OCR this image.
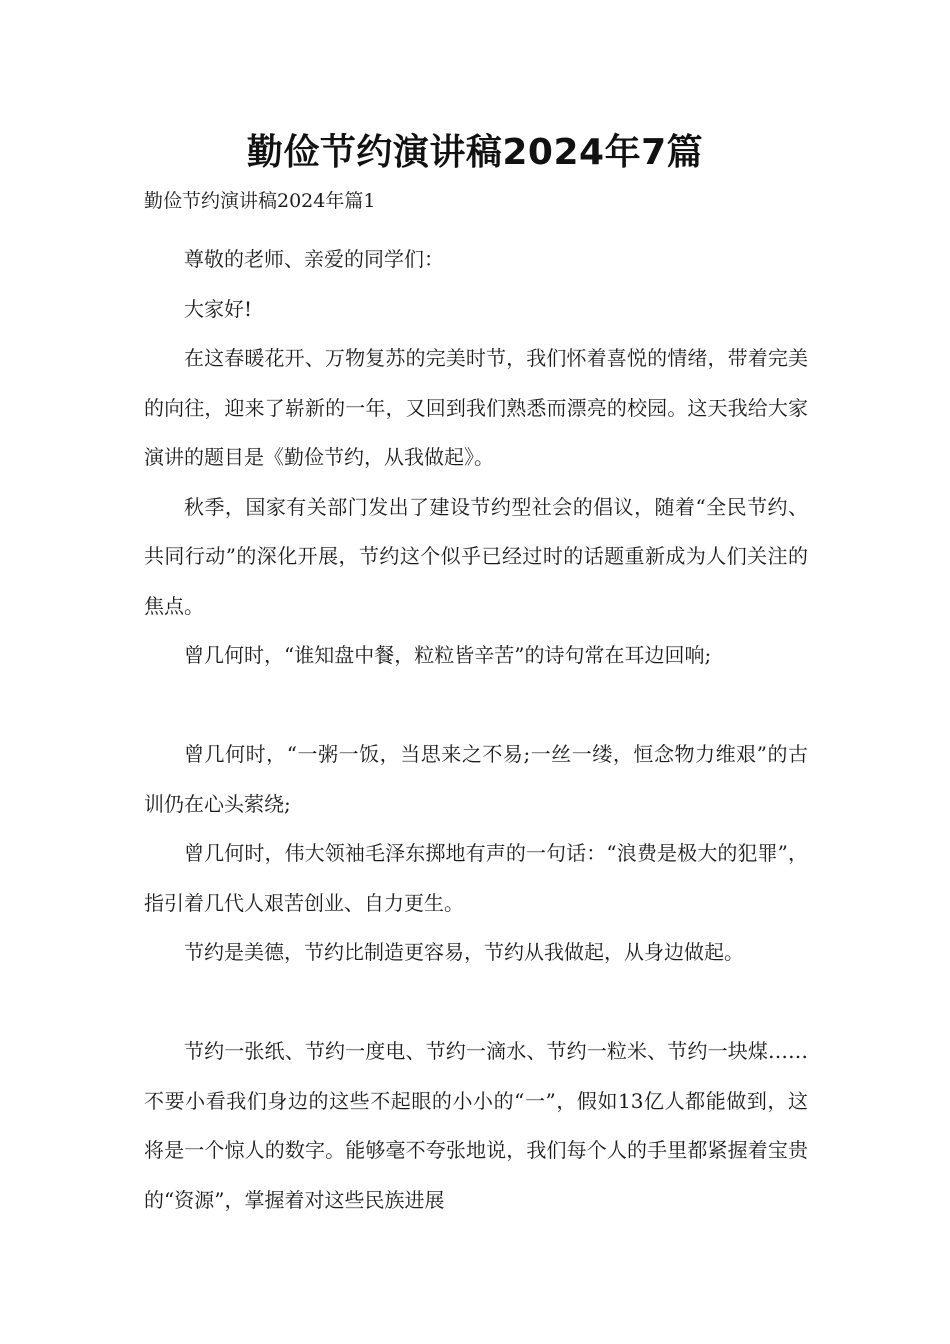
勤俭节约演讲稿2024年7篇

勤俭节约演讲稿2024年篇1

尊敬的老师、亲爱的同学们：

大家好!

在这春暖花开、万物复苏的完美时节，我们怀着喜悦的情绪，带着完美的向往，迎来了崭新的一年，又回到我们熟悉而漂亮的校园。这天我给大家演讲的题目是《勤俭节约，从我做起》。

秋季，国家有关部门发出了建设节约型社会的倡议，随着“全民节约、共同行动”的深化开展，节约这个似乎已经过时的话题重新成为人们关注的焦点。

曾几何时，“谁知盘中餐，粒粒皆辛苦”的诗句常在耳边回响;

曾几何时，“一粥一饭，当思来之不易;一丝一缕，恒念物力维艰”的古训仍在心头萦绕;

曾几何时，伟大领袖毛泽东掷地有声的一句话：“浪费是极大的犯罪”，指引着几代人艰苦创业、自力更生。

节约是美德，节约比制造更容易，节约从我做起，从身边做起。

节约一张纸、节约一度电、节约一滴水、节约一粒米、节约一块煤……不要小看我们身边的这些不起眼的小小的“一”，假如13亿人都能做到，这将是一个惊人的数字。能够毫不夸张地说，我们每个人的手里都紧握着宝贵的“资源”，掌握着对这些民族进展
